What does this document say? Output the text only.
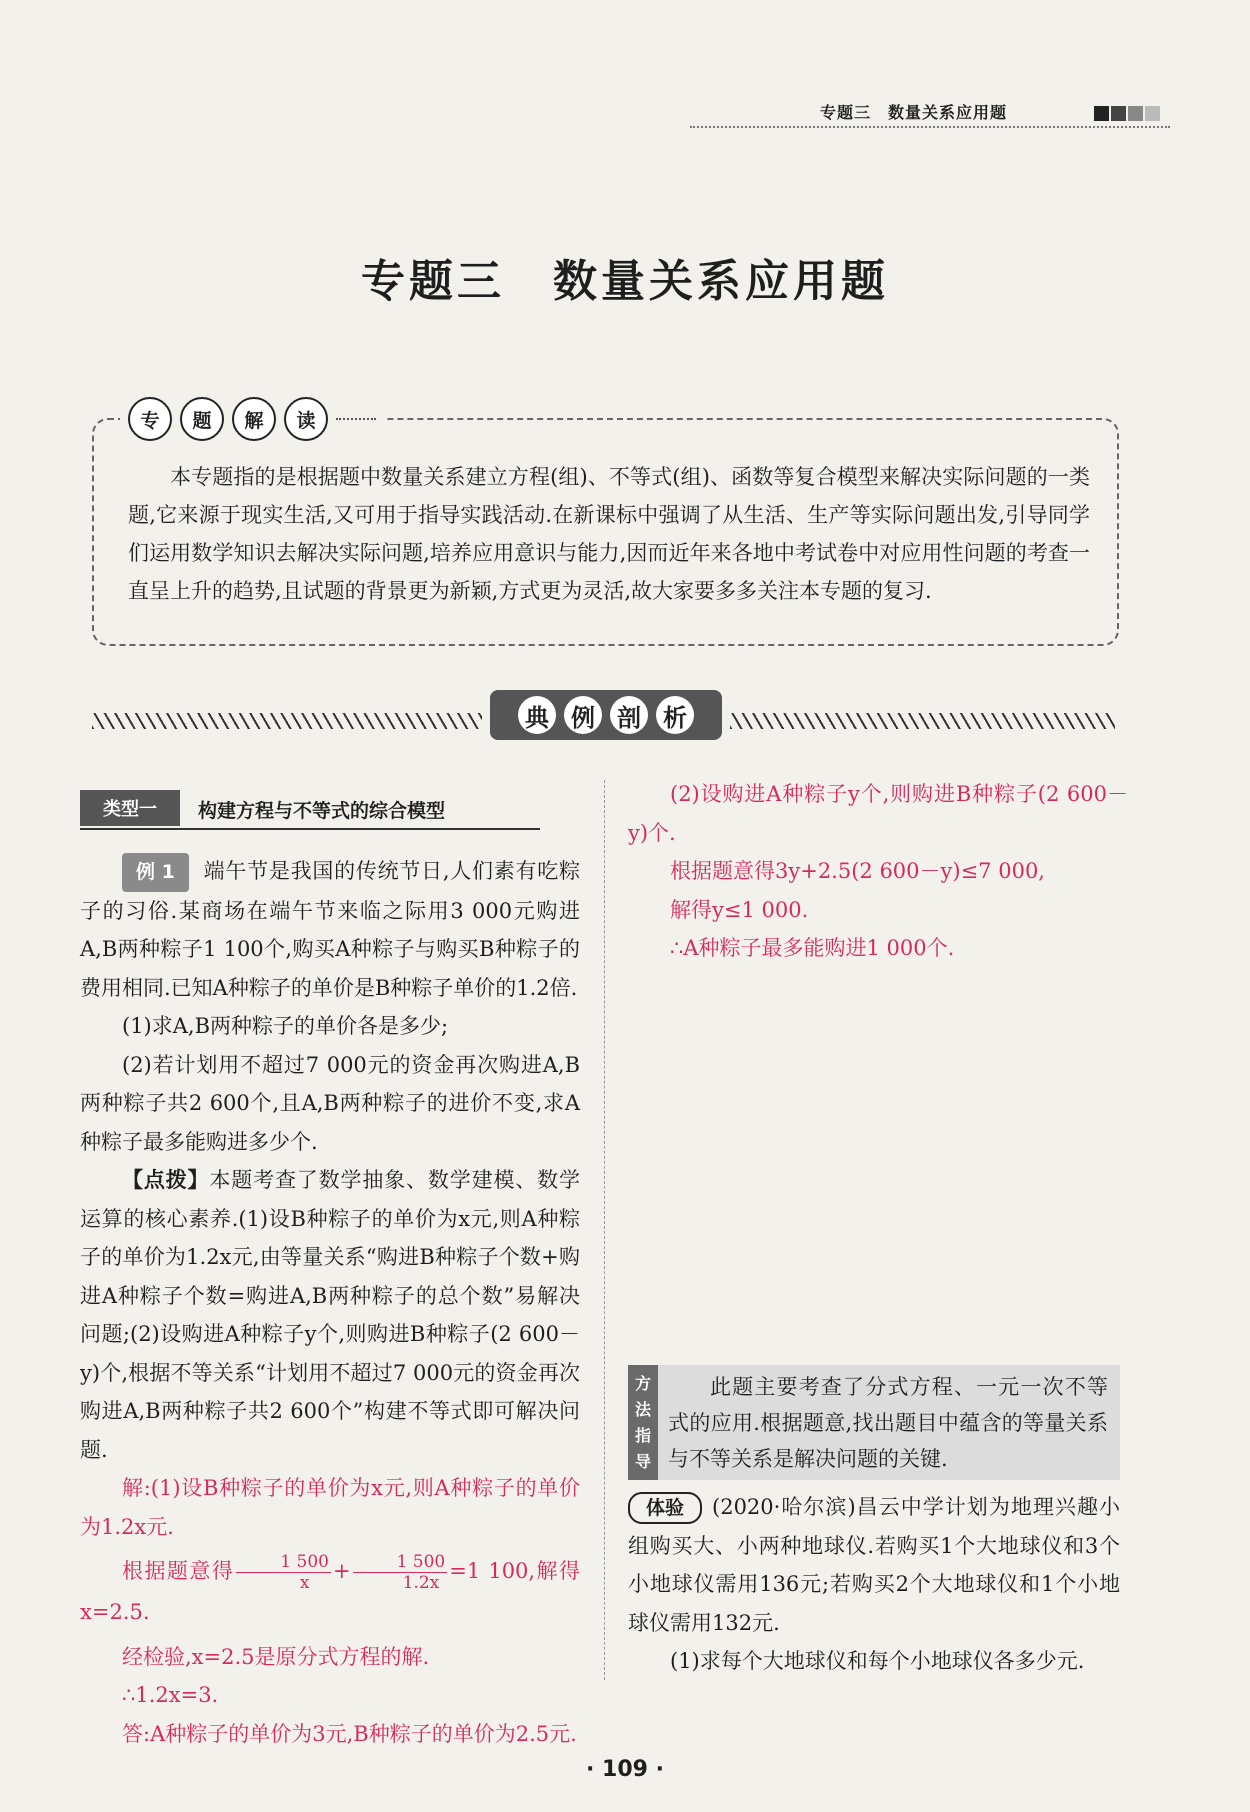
专题三　数量关系应用题
专题三　数量关系应用题
专	题	解	读

本专题指的是根据题中数量关系建立方程(组)、不等式(组)、函数等复合模型来解决实际问题的一类题,它来源于现实生活,又可用于指导实践活动.在新课标中强调了从生活、生产等实际问题出发,引导同学们运用数学知识去解决实际问题,培养应用意识与能力,因而近年来各地中考试卷中对应用性问题的考查一直呈上升的趋势,且试题的背景更为新颖,方式更为灵活,故大家要多多关注本专题的复习.

典 例 剖 析
类型一	构建方程与不等式的综合模型

例 1 端午节是我国的传统节日,人们素有吃粽子的习俗.某商场在端午节来临之际用3 000元购进A,B两种粽子1 100个,购买A种粽子与购买B种粽子的费用相同.已知A种粽子的单价是B种粽子单价的1.2倍.

(1)求A,B两种粽子的单价各是多少;

(2)若计划用不超过7 000元的资金再次购进A,B两种粽子共2 600个,且A,B两种粽子的进价不变,求A种粽子最多能购进多少个.

【点拨】本题考查了数学抽象、数学建模、数学运算的核心素养.(1)设B种粽子的单价为x元,则A种粽子的单价为1.2x元,由等量关系“购进B种粽子个数+购进A种粽子个数=购进A,B两种粽子的总个数”易解决问题;(2)设购进A种粽子y个,则购进B种粽子(2 600－y)个,根据不等关系“计划用不超过7 000元的资金再次购进A,B两种粽子共2 600个”构建不等式即可解决问题.

解:(1)设B种粽子的单价为x元,则A种粽子的单价为1.2x元.

根据题意得 $\frac{1 500}{x} + \frac{1 500}{1.2x} =1$ 100,解得x=2.5.

经检验,x=2.5是原分式方程的解.

∴1.2x=3.

答:A种粽子的单价为3元,B种粽子的单价为2.5元.

(2)设购进A种粽子y个,则购进B种粽子(2 600－y)个.

根据题意得3y+2.5(2 600－y)≤7 000,

解得y≤1 000.

∴A种粽子最多能购进1 000个.

方
法
指
导

此题主要考查了分式方程、一元一次不等式的应用.根据题意,找出题目中蕴含的等量关系与不等关系是解决问题的关键.

体验 (2020·哈尔滨)昌云中学计划为地理兴趣小组购买大、小两种地球仪.若购买1个大地球仪和3个小地球仪需用136元;若购买2个大地球仪和1个小地球仪需用132元.

(1)求每个大地球仪和每个小地球仪各多少元.

· 109 ·
